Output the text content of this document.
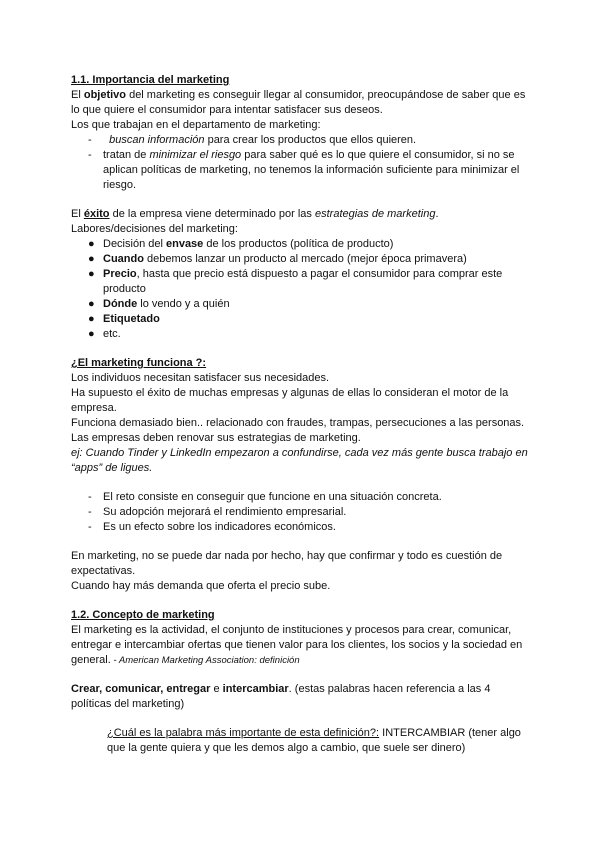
1.1. Importancia del marketing

El objetivo del marketing es conseguir llegar al consumidor, preocupándose de saber que es lo que quiere el consumidor para intentar satisfacer sus deseos.

Los que trabajan en el departamento de marketing:

-	buscan información para crear los productos que ellos quieren.
-	tratan de minimizar el riesgo para saber qué es lo que quiere el consumidor, si no se aplican políticas de marketing, no tenemos la información suficiente para minimizar el riesgo.

El éxito de la empresa viene determinado por las estrategias de marketing.

Labores/decisiones del marketing:

● Decisión del envase de los productos (política de producto)
● Cuando debemos lanzar un producto al mercado (mejor época primavera)
● Precio, hasta que precio está dispuesto a pagar el consumidor para comprar este producto
● Dónde lo vendo y a quién
● Etiquetado
● etc.

¿El marketing funciona ?:

Los individuos necesitan satisfacer sus necesidades.

Ha supuesto el éxito de muchas empresas y algunas de ellas lo consideran el motor de la empresa.

Funciona demasiado bien.. relacionado con fraudes, trampas, persecuciones a las personas.

Las empresas deben renovar sus estrategias de marketing.

ej: Cuando Tinder y LinkedIn empezaron a confundirse, cada vez más gente busca trabajo en “apps” de ligues.

-	El reto consiste en conseguir que funcione en una situación concreta.
-	Su adopción mejorará el rendimiento empresarial.
-	Es un efecto sobre los indicadores económicos.

En marketing, no se puede dar nada por hecho, hay que confirmar y todo es cuestión de expectativas.

Cuando hay más demanda que oferta el precio sube.

1.2. Concepto de marketing

El marketing es la actividad, el conjunto de instituciones y procesos para crear, comunicar, entregar e intercambiar ofertas que tienen valor para los clientes, los socios y la sociedad en general. - American Marketing Association: definición

Crear, comunicar, entregar e intercambiar. (estas palabras hacen referencia a las 4 políticas del marketing)

¿Cuál es la palabra más importante de esta definición?: INTERCAMBIAR (tener algo que la gente quiera y que les demos algo a cambio, que suele ser dinero)
